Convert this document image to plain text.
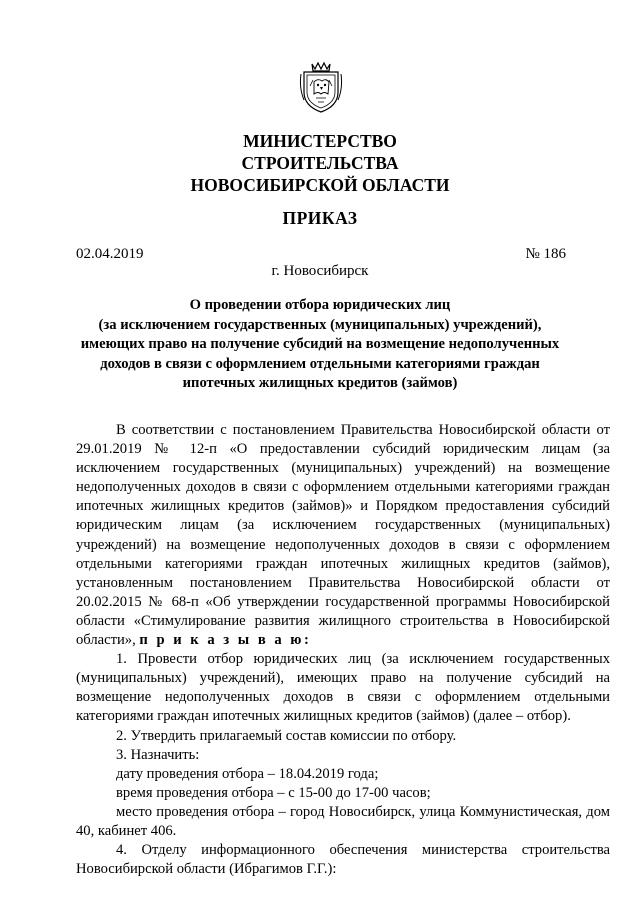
МИНИСТЕРСТВО
СТРОИТЕЛЬСТВА
НОВОСИБИРСКОЙ ОБЛАСТИ
ПРИКАЗ
02.04.2019	№ 186
г. Новосибирск
О проведении отбора юридических лиц
(за исключением государственных (муниципальных) учреждений),
имеющих право на получение субсидий на возмещение недополученных
доходов в связи с оформлением отдельными категориями граждан
ипотечных жилищных кредитов (займов)

В соответствии с постановлением Правительства Новосибирской области от 29.01.2019 № 12-п «О предоставлении субсидий юридическим лицам (за исключением государственных (муниципальных) учреждений) на возмещение недополученных доходов в связи с оформлением отдельными категориями граждан ипотечных жилищных кредитов (займов)» и Порядком предоставления субсидий юридическим лицам (за исключением государственных (муниципальных) учреждений) на возмещение недополученных доходов в связи с оформлением отдельными категориями граждан ипотечных жилищных кредитов (займов), установленным постановлением Правительства Новосибирской области от 20.02.2015 № 68-п «Об утверждении государственной программы Новосибирской области «Стимулирование развития жилищного строительства в Новосибирской области», п р и к а з ы в а ю:

1. Провести отбор юридических лиц (за исключением государственных (муниципальных) учреждений), имеющих право на получение субсидий на возмещение недополученных доходов в связи с оформлением отдельными категориями граждан ипотечных жилищных кредитов (займов) (далее – отбор).

2. Утвердить прилагаемый состав комиссии по отбору.

3. Назначить:

дату проведения отбора – 18.04.2019 года;

время проведения отбора – с 15-00 до 17-00 часов;

место проведения отбора – город Новосибирск, улица Коммунистическая, дом 40, кабинет 406.

4. Отделу информационного обеспечения министерства строительства Новосибирской области (Ибрагимов Г.Г.):
